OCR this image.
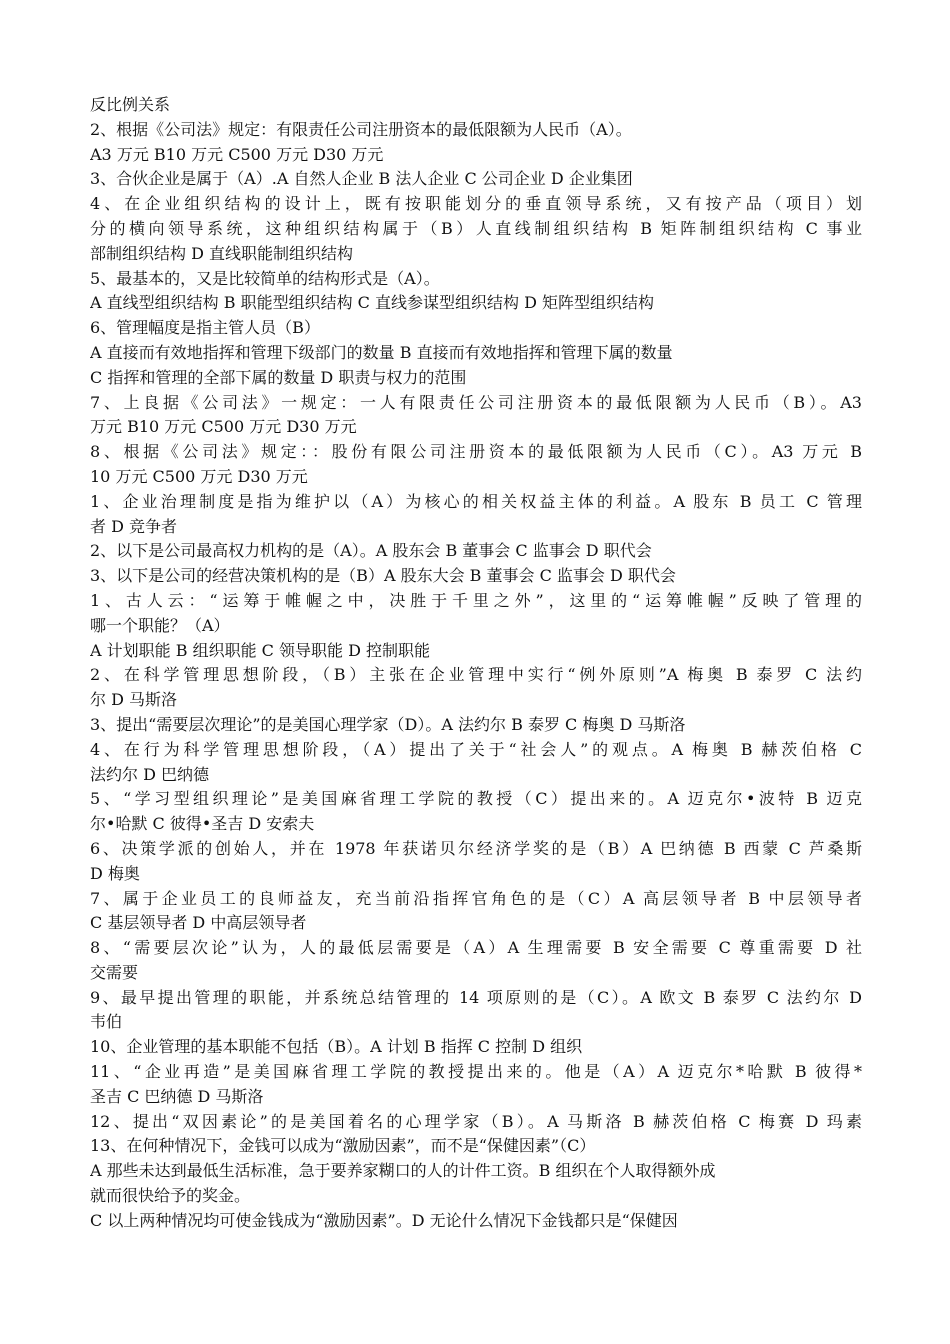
反比例关系
2、根据《公司法》规定：有限责任公司注册资本的最低限额为人民币（A）。
A3 万元 B10 万元 C500 万元 D30 万元
3、合伙企业是属于（A）.A 自然人企业 B 法人企业 C 公司企业 D 企业集团
4、在企业组织结构的设计上，既有按职能划分的垂直领导系统，又有按产品（项目）划
分的横向领导系统，这种组织结构属于（B）人直线制组织结构 B 矩阵制组织结构 C 事业
部制组织结构 D 直线职能制组织结构
5、最基本的，又是比较简单的结构形式是（A）。
A 直线型组织结构 B 职能型组织结构 C 直线参谋型组织结构 D 矩阵型组织结构
6、管理幅度是指主管人员（B）
A 直接而有效地指挥和管理下级部门的数量 B 直接而有效地指挥和管理下属的数量
C 指挥和管理的全部下属的数量 D 职责与权力的范围
7、上良据《公司法》一规定：一人有限责任公司注册资本的最低限额为人民币（B）。A3
万元 B10 万元 C500 万元 D30 万元
8、根据《公司法》规定：：股份有限公司注册资本的最低限额为人民币（C）。A3 万元 B
10 万元 C500 万元 D30 万元
1、企业治理制度是指为维护以（A）为核心的相关权益主体的利益。A 股东 B 员工 C 管理
者 D 竞争者
2、以下是公司最高权力机构的是（A）。A 股东会 B 董事会 C 监事会 D 职代会
3、以下是公司的经营决策机构的是（B）A 股东大会 B 董事会 C 监事会 D 职代会
1、古人云：“运筹于帷幄之中，决胜于千里之外”，这里的“运筹帷幄”反映了管理的
哪一个职能？（A）
A 计划职能 B 组织职能 C 领导职能 D 控制职能
2、在科学管理思想阶段，（B）主张在企业管理中实行“例外原则”A 梅奥 B 泰罗 C 法约
尔 D 马斯洛
3、提出“需要层次理论”的是美国心理学家（D）。A 法约尔 B 泰罗 C 梅奥 D 马斯洛
4、在行为科学管理思想阶段，（A）提出了关于“社会人”的观点。A 梅奥 B 赫茨伯格 C
法约尔 D 巴纳德
5、“学习型组织理论”是美国麻省理工学院的教授（C）提出来的。A 迈克尔•波特 B 迈克
尔•哈默 C 彼得•圣吉 D 安索夫
6、决策学派的创始人，并在 1978 年获诺贝尔经济学奖的是（B）A 巴纳德 B 西蒙 C 芦桑斯
D 梅奥
7、属于企业员工的良师益友，充当前沿指挥官角色的是（C）A 高层领导者 B 中层领导者
C 基层领导者 D 中高层领导者
8、“需要层次论”认为，人的最低层需要是（A）A 生理需要 B 安全需要 C 尊重需要 D 社
交需要
9、最早提出管理的职能，并系统总结管理的 14 项原则的是（C）。A 欧文 B 泰罗 C 法约尔 D
韦伯
10、企业管理的基本职能不包括（B）。A 计划 B 指挥 C 控制 D 组织
11、“企业再造”是美国麻省理工学院的教授提出来的。他是（A）A 迈克尔*哈默 B 彼得*
圣吉 C 巴纳德 D 马斯洛
12、提出“双因素论”的是美国着名的心理学家（B）。A 马斯洛 B 赫茨伯格 C 梅赛 D 玛素
13、在何种情况下，金钱可以成为“激励因素”，而不是“保健因素”（C）
A 那些未达到最低生活标准，急于要养家糊口的人的计件工资。B 组织在个人取得额外成
就而很快给予的奖金。
C 以上两种情况均可使金钱成为“激励因素”。D 无论什么情况下金钱都只是“保健因
